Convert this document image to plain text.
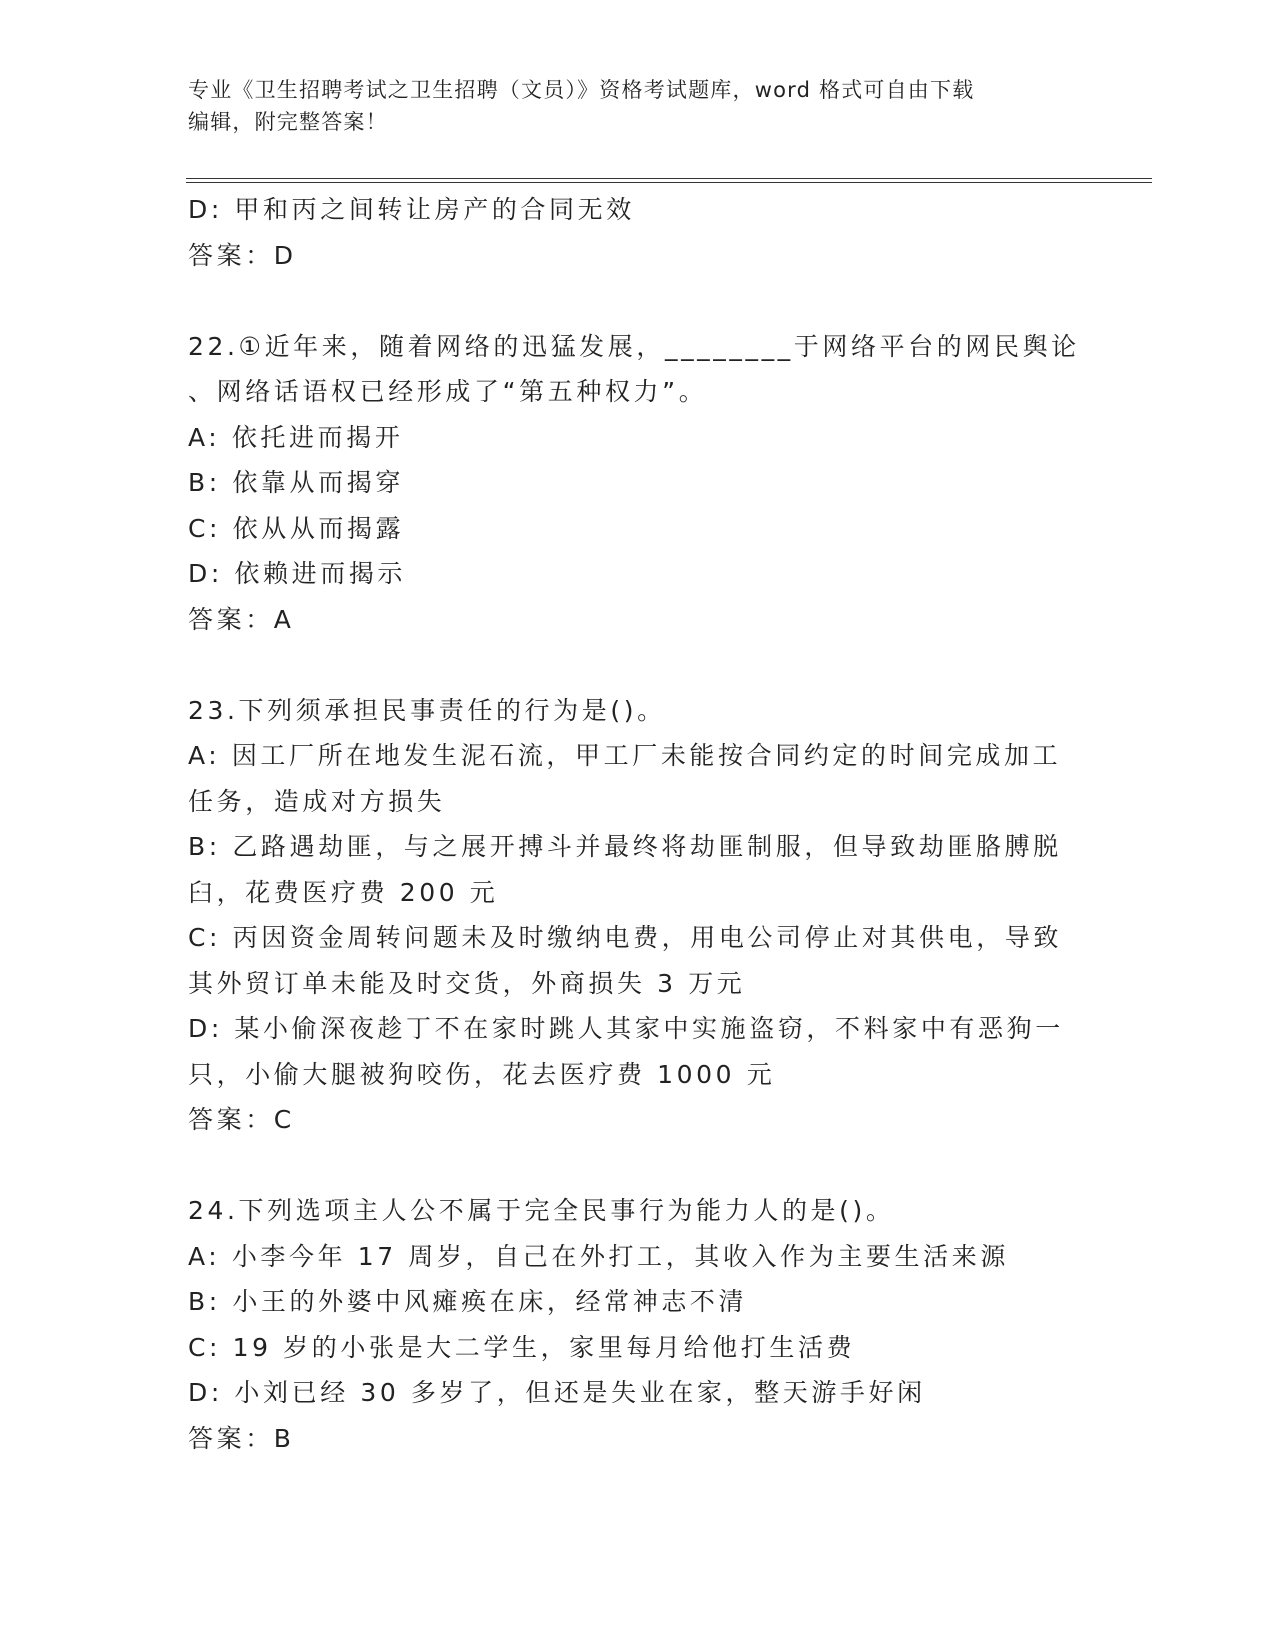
专业《卫生招聘考试之卫生招聘（文员）》资格考试题库，word 格式可自由下载
编辑，附完整答案！
D: 甲和丙之间转让房产的合同无效
答案：D
22.①近年来，随着网络的迅猛发展，________于网络平台的网民舆论
、网络话语权已经形成了“第五种权力”。
A: 依托进而揭开
B: 依靠从而揭穿
C: 依从从而揭露
D: 依赖进而揭示
答案：A
23.下列须承担民事责任的行为是()。
A: 因工厂所在地发生泥石流，甲工厂未能按合同约定的时间完成加工
任务，造成对方损失
B: 乙路遇劫匪，与之展开搏斗并最终将劫匪制服，但导致劫匪胳膊脱
臼，花费医疗费 200 元
C: 丙因资金周转问题未及时缴纳电费，用电公司停止对其供电，导致
其外贸订单未能及时交货，外商损失 3 万元
D: 某小偷深夜趁丁不在家时跳人其家中实施盗窃，不料家中有恶狗一
只，小偷大腿被狗咬伤，花去医疗费 1000 元
答案：C
24.下列选项主人公不属于完全民事行为能力人的是()。
A: 小李今年 17 周岁，自己在外打工，其收入作为主要生活来源
B: 小王的外婆中风瘫痪在床，经常神志不清
C: 19 岁的小张是大二学生，家里每月给他打生活费
D: 小刘已经 30 多岁了，但还是失业在家，整天游手好闲
答案：B
